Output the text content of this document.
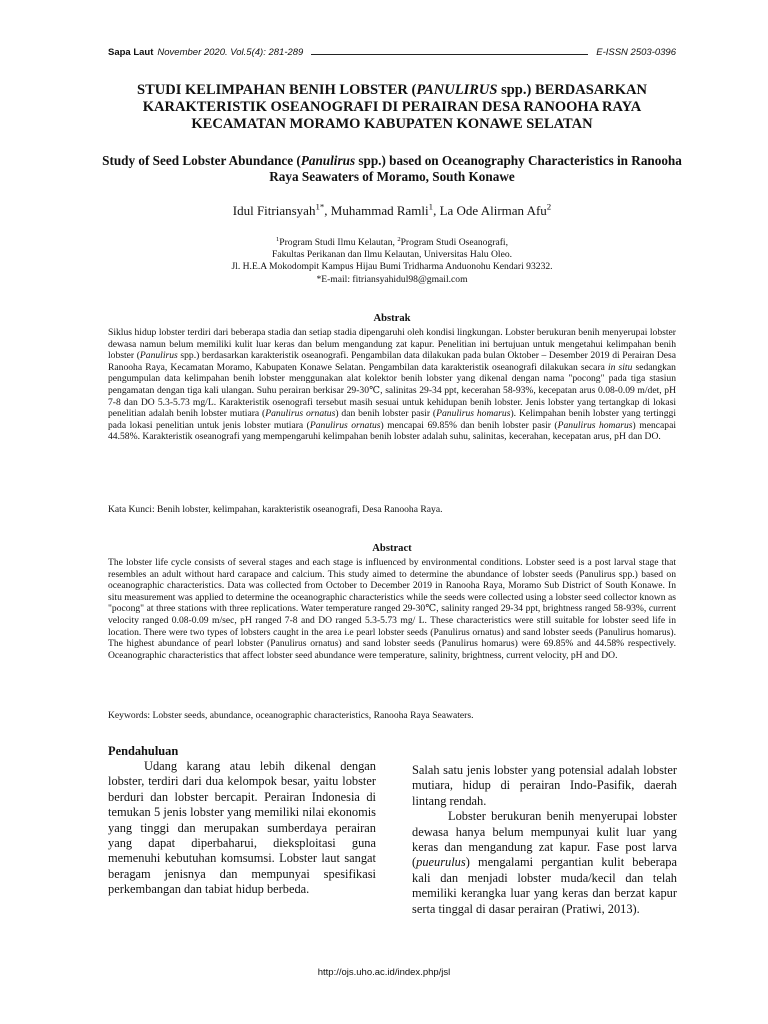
Sapa Laut November 2020. Vol.5(4): 281-289	E-ISSN 2503-0396
STUDI KELIMPAHAN BENIH LOBSTER (PANULIRUS spp.) BERDASARKAN KARAKTERISTIK OSEANOGRAFI DI PERAIRAN DESA RANOOHA RAYA KECAMATAN MORAMO KABUPATEN KONAWE SELATAN
Study of Seed Lobster Abundance (Panulirus spp.) based on Oceanography Characteristics in Ranooha Raya Seawaters of Moramo, South Konawe
Idul Fitriansyah$^{1*}$, Muhammad Ramli$^1$, La Ode Alirman Afu$^2$
$^1$Program Studi Ilmu Kelautan, $^2$Program Studi Oseanografi,
Fakultas Perikanan dan Ilmu Kelautan, Universitas Halu Oleo.
Jl. H.E.A Mokodompit Kampus Hijau Bumi Tridharma Anduonohu Kendari 93232.
*E-mail: fitriansyahidul98@gmail.com
Abstrak
Siklus hidup lobster terdiri dari beberapa stadia dan setiap stadia dipengaruhi oleh kondisi lingkungan. Lobster berukuran benih menyerupai lobster dewasa namun belum memiliki kulit luar keras dan belum mengandung zat kapur. Penelitian ini bertujuan untuk mengetahui kelimpahan benih lobster (Panulirus spp.) berdasarkan karakteristik oseanografi. Pengambilan data dilakukan pada bulan Oktober – Desember 2019 di Perairan Desa Ranooha Raya, Kecamatan Moramo, Kabupaten Konawe Selatan. Pengambilan data karakteristik oseanografi dilakukan secara in situ sedangkan pengumpulan data kelimpahan benih lobster menggunakan alat kolektor benih lobster yang dikenal dengan nama "pocong" pada tiga stasiun pengamatan dengan tiga kali ulangan. Suhu perairan berkisar 29-30℃, salinitas 29-34 ppt, kecerahan 58-93%, kecepatan arus 0.08-0.09 m/det, pH 7-8 dan DO 5.3-5.73 mg/L. Karakteristik osenografi tersebut masih sesuai untuk kehidupan benih lobster. Jenis lobster yang tertangkap di lokasi penelitian adalah benih lobster mutiara (Panulirus ornatus) dan benih lobster pasir (Panulirus homarus). Kelimpahan benih lobster yang tertinggi pada lokasi penelitian untuk jenis lobster mutiara (Panulirus ornatus) mencapai 69.85% dan benih lobster pasir (Panulirus homarus) mencapai 44.58%. Karakteristik oseanografi yang mempengaruhi kelimpahan benih lobster adalah suhu, salinitas, kecerahan, kecepatan arus, pH dan DO.
Kata Kunci: Benih lobster, kelimpahan, karakteristik oseanografi, Desa Ranooha Raya.
Abstract
The lobster life cycle consists of several stages and each stage is influenced by environmental conditions. Lobster seed is a post larval stage that resembles an adult without hard carapace and calcium. This study aimed to determine the abundance of lobster seeds (Panulirus spp.) based on oceanographic characteristics. Data was collected from October to December 2019 in Ranooha Raya, Moramo Sub District of South Konawe. In situ measurement was applied to determine the oceanographic characteristics while the seeds were collected using a lobster seed collector known as "pocong" at three stations with three replications. Water temperature ranged 29-30℃, salinity ranged 29-34 ppt, brightness ranged 58-93%, current velocity ranged 0.08-0.09 m/sec, pH ranged 7-8 and DO ranged 5.3-5.73 mg/ L. These characteristics were still suitable for lobster seed life in location. There were two types of lobsters caught in the area i.e pearl lobster seeds (Panulirus ornatus) and sand lobster seeds (Panulirus homarus). The highest abundance of pearl lobster (Panulirus ornatus) and sand lobster seeds (Panulirus homarus) were 69.85% and 44.58% respectively. Oceanographic characteristics that affect lobster seed abundance were temperature, salinity, brightness, current velocity, pH and DO.
Keywords: Lobster seeds, abundance, oceanographic characteristics, Ranooha Raya Seawaters.
Pendahuluan

Udang karang atau lebih dikenal dengan lobster, terdiri dari dua kelompok besar, yaitu lobster berduri dan lobster bercapit. Perairan Indonesia di temukan 5 jenis lobster yang memiliki nilai ekonomis yang tinggi dan merupakan sumberdaya perairan yang dapat diperbaharui, dieksploitasi guna memenuhi kebutuhan komsumsi. Lobster laut sangat beragam jenisnya dan mempunyai spesifikasi perkembangan dan tabiat hidup berbeda.

Salah satu jenis lobster yang potensial adalah lobster mutiara, hidup di perairan Indo-Pasifik, daerah lintang rendah.

Lobster berukuran benih menyerupai lobster dewasa hanya belum mempunyai kulit luar yang keras dan mengandung zat kapur. Fase post larva (pueurulus) mengalami pergantian kulit beberapa kali dan menjadi lobster muda/kecil dan telah memiliki kerangka luar yang keras dan berzat kapur serta tinggal di dasar perairan (Pratiwi, 2013).

http://ojs.uho.ac.id/index.php/jsl
